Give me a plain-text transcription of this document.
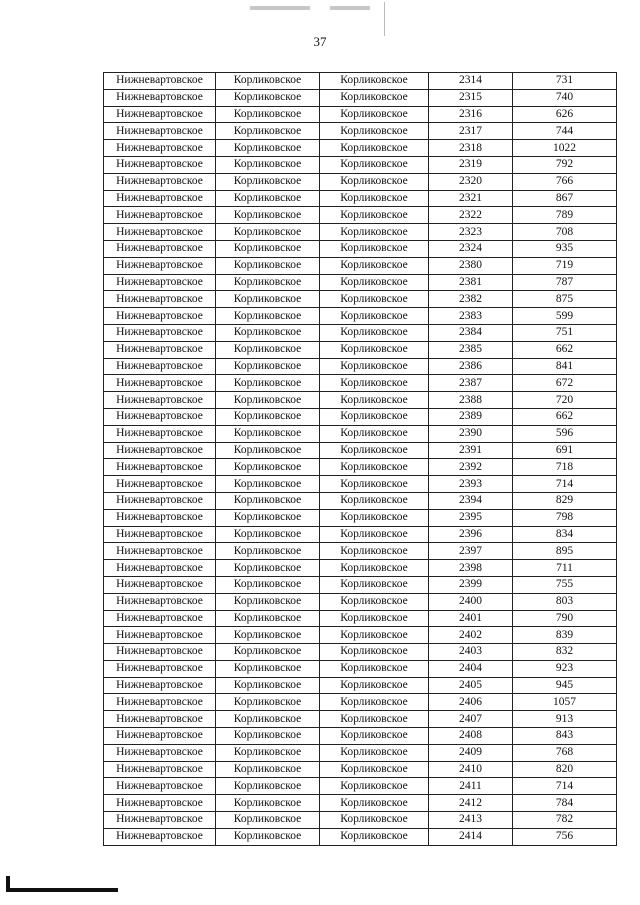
37
Нижневартовское	Корликовское	Корликовское	2314	731
Нижневартовское	Корликовское	Корликовское	2315	740
Нижневартовское	Корликовское	Корликовское	2316	626
Нижневартовское	Корликовское	Корликовское	2317	744
Нижневартовское	Корликовское	Корликовское	2318	1022
Нижневартовское	Корликовское	Корликовское	2319	792
Нижневартовское	Корликовское	Корликовское	2320	766
Нижневартовское	Корликовское	Корликовское	2321	867
Нижневартовское	Корликовское	Корликовское	2322	789
Нижневартовское	Корликовское	Корликовское	2323	708
Нижневартовское	Корликовское	Корликовское	2324	935
Нижневартовское	Корликовское	Корликовское	2380	719
Нижневартовское	Корликовское	Корликовское	2381	787
Нижневартовское	Корликовское	Корликовское	2382	875
Нижневартовское	Корликовское	Корликовское	2383	599
Нижневартовское	Корликовское	Корликовское	2384	751
Нижневартовское	Корликовское	Корликовское	2385	662
Нижневартовское	Корликовское	Корликовское	2386	841
Нижневартовское	Корликовское	Корликовское	2387	672
Нижневартовское	Корликовское	Корликовское	2388	720
Нижневартовское	Корликовское	Корликовское	2389	662
Нижневартовское	Корликовское	Корликовское	2390	596
Нижневартовское	Корликовское	Корликовское	2391	691
Нижневартовское	Корликовское	Корликовское	2392	718
Нижневартовское	Корликовское	Корликовское	2393	714
Нижневартовское	Корликовское	Корликовское	2394	829
Нижневартовское	Корликовское	Корликовское	2395	798
Нижневартовское	Корликовское	Корликовское	2396	834
Нижневартовское	Корликовское	Корликовское	2397	895
Нижневартовское	Корликовское	Корликовское	2398	711
Нижневартовское	Корликовское	Корликовское	2399	755
Нижневартовское	Корликовское	Корликовское	2400	803
Нижневартовское	Корликовское	Корликовское	2401	790
Нижневартовское	Корликовское	Корликовское	2402	839
Нижневартовское	Корликовское	Корликовское	2403	832
Нижневартовское	Корликовское	Корликовское	2404	923
Нижневартовское	Корликовское	Корликовское	2405	945
Нижневартовское	Корликовское	Корликовское	2406	1057
Нижневартовское	Корликовское	Корликовское	2407	913
Нижневартовское	Корликовское	Корликовское	2408	843
Нижневартовское	Корликовское	Корликовское	2409	768
Нижневартовское	Корликовское	Корликовское	2410	820
Нижневартовское	Корликовское	Корликовское	2411	714
Нижневартовское	Корликовское	Корликовское	2412	784
Нижневартовское	Корликовское	Корликовское	2413	782
Нижневартовское	Корликовское	Корликовское	2414	756
